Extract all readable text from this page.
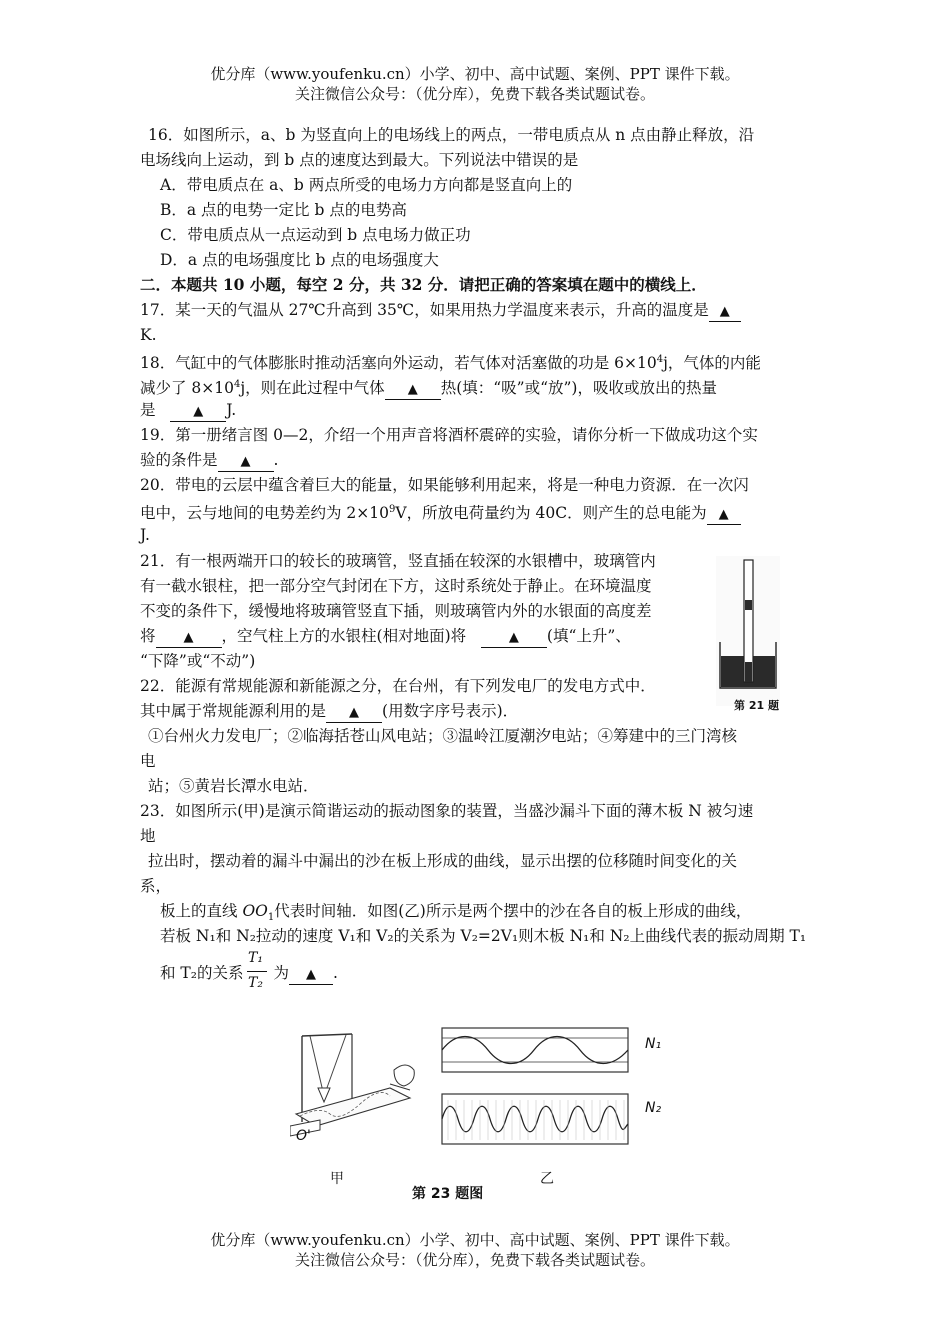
优分库（www.youfenku.cn）小学、初中、高中试题、案例、PPT 课件下载。
关注微信公众号：（优分库），免费下载各类试题试卷。
16．如图所示，a、b 为竖直向上的电场线上的两点，一带电质点从 n 点由静止释放，沿
电场线向上运动，到 b 点的速度达到最大。下列说法中错误的是
A．带电质点在 a、b 两点所受的电场力方向都是竖直向上的
B．a 点的电势一定比 b 点的电势高
C．带电质点从一点运动到 b 点电场力做正功
D．a 点的电场强度比 b 点的电场强度大
二．本题共 10 小题，每空 2 分，共 32 分．请把正确的答案填在题中的横线上．
17．某一天的气温从 27℃升高到 35℃，如果用热力学温度来表示，升高的温度是 ▲
K.
18．气缸中的气体膨胀时推动活塞向外运动，若气体对活塞做的功是 $6\times 10^4j$，气体的内能
减少了 $8\times 10^4j$，则在此过程中气体 ▲ 热(填：“吸”或“放”)，吸收或放出的热量
是	▲ J.
19．第一册绪言图 0—2，介绍一个用声音将酒杯震碎的实验，请你分析一下做成功这个实
验的条件是 ▲ .
20．带电的云层中蕴含着巨大的能量，如果能够利用起来，将是一种电力资源．在一次闪
电中，云与地间的电势差约为 $2\times 10^9V$，所放电荷量约为 40C．则产生的总电能为 ▲
J.
21．有一根两端开口的较长的玻璃管，竖直插在较深的水银槽中，玻璃管内
有一截水银柱，把一部分空气封闭在下方，这时系统处于静止。在环境温度
不变的条件下，缓慢地将玻璃管竖直下插，则玻璃管内外的水银面的高度差
将 ▲ ，空气柱上方的水银柱(相对地面)将	▲ (填“上升”、
“下降”或“不动”)
第 21 题
22．能源有常规能源和新能源之分，在台州，有下列发电厂的发电方式中．
其中属于常规能源利用的是 ▲ (用数字序号表示)．
①台州火力发电厂；②临海括苍山风电站；③温岭江厦潮汐电站；④筹建中的三门湾核
电
站；⑤黄岩长潭水电站．
23．如图所示(甲)是演示简谐运动的振动图象的装置，当盛沙漏斗下面的薄木板 N 被匀速
地
拉出时，摆动着的漏斗中漏出的沙在板上形成的曲线，显示出摆的位移随时间变化的关
系，
板上的直线 $OO_1$代表时间轴．如图(乙)所示是两个摆中的沙在各自的板上形成的曲线，
若板 N₁和 N₂拉动的速度 V₁和 V₂的关系为 V₂=2V₁则木板 N₁和 N₂上曲线代表的振动周期 T₁
和 T₂的关系 为 ▲ .
T₁
T₂
O'
N₁
N₂
甲	乙
第 23 题图
优分库（www.youfenku.cn）小学、初中、高中试题、案例、PPT 课件下载。
关注微信公众号：（优分库），免费下载各类试题试卷。
